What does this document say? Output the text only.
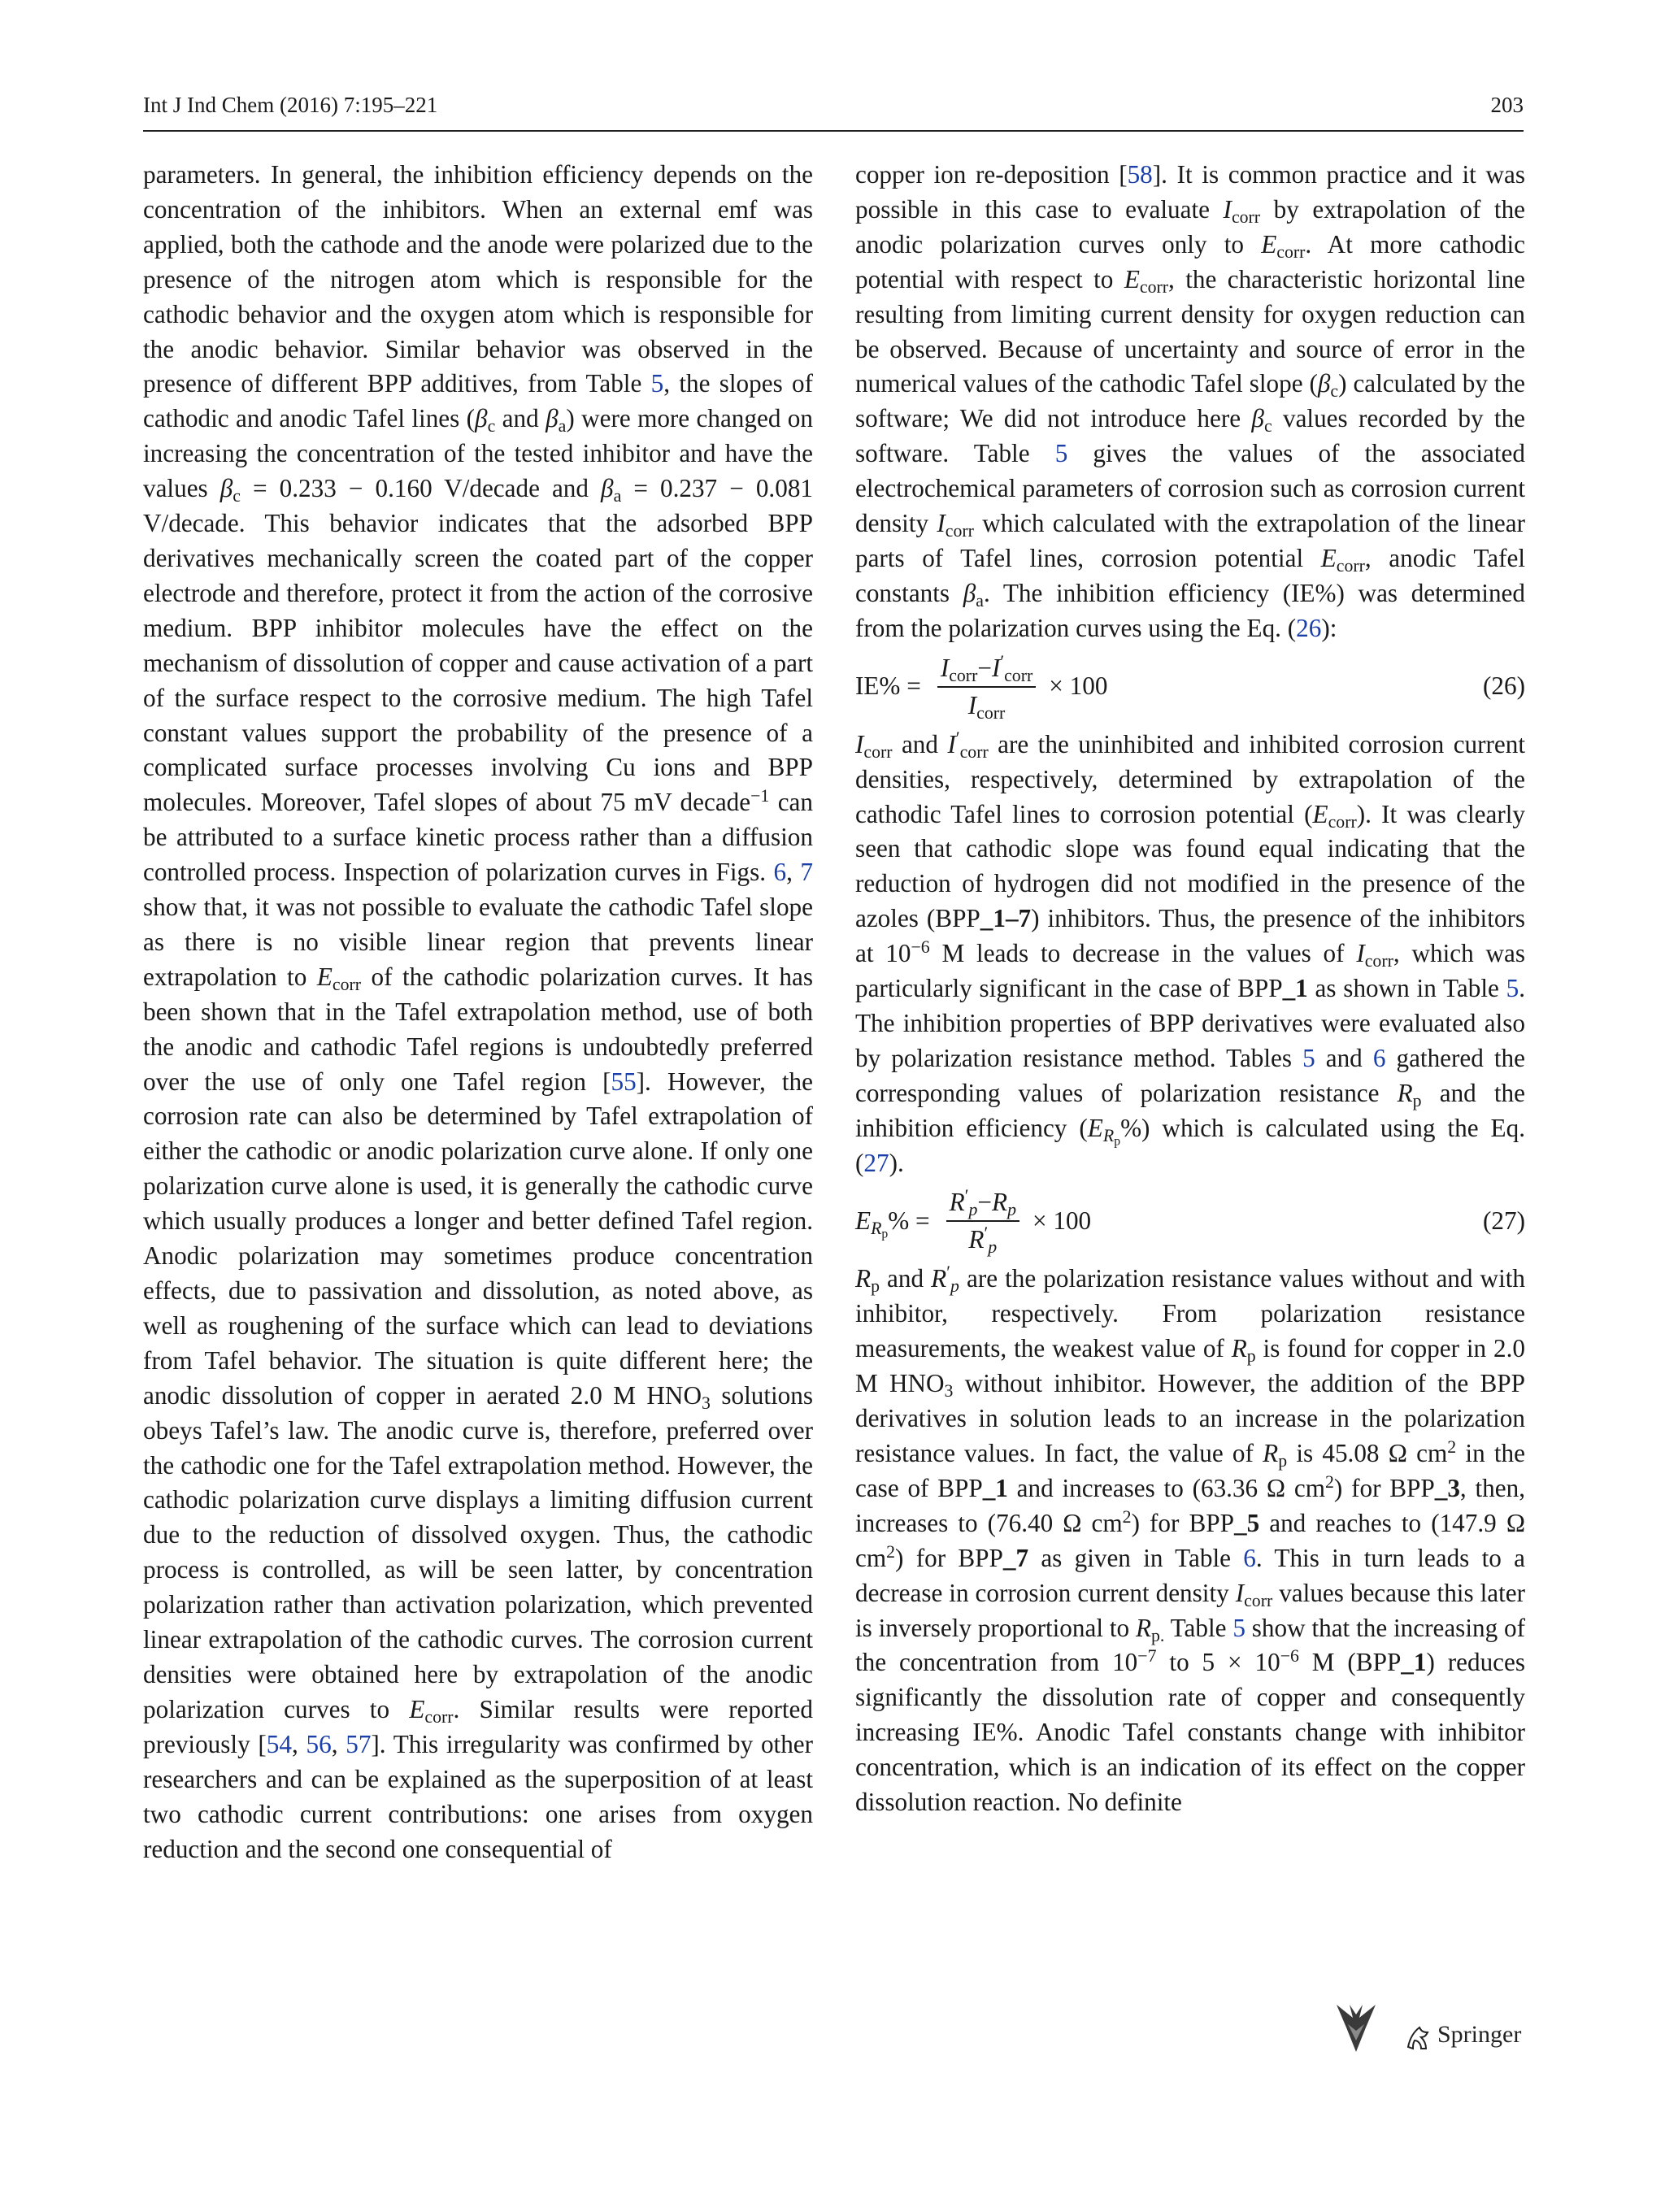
Int J Ind Chem (2016) 7:195–221	203

parameters. In general, the inhibition efficiency depends on the concentration of the inhibitors. When an external emf was applied, both the cathode and the anode were polarized due to the presence of the nitrogen atom which is responsible for the cathodic behavior and the oxygen atom which is responsible for the anodic behavior. Similar behavior was observed in the presence of different BPP additives, from Table 5, the slopes of cathodic and anodic Tafel lines ($\beta_c$ and $\beta_a$) were more changed on increasing the concentration of the tested inhibitor and have the values $\beta_c = 0.233 - 0.160$ V/decade and $\beta_a = 0.237 - 0.081$ V/decade. This behavior indicates that the adsorbed BPP derivatives mechanically screen the coated part of the copper electrode and therefore, protect it from the action of the corrosive medium. BPP inhibitor molecules have the effect on the mechanism of dissolution of copper and cause activation of a part of the surface respect to the corrosive medium. The high Tafel constant values support the probability of the presence of a complicated surface processes involving Cu ions and BPP molecules. Moreover, Tafel slopes of about 75 mV decade$^{-1}$ can be attributed to a surface kinetic process rather than a diffusion controlled process. Inspection of polarization curves in Figs. 6, 7 show that, it was not possible to evaluate the cathodic Tafel slope as there is no visible linear region that prevents linear extrapolation to $E_{corr}$ of the cathodic polarization curves. It has been shown that in the Tafel extrapolation method, use of both the anodic and cathodic Tafel regions is undoubtedly preferred over the use of only one Tafel region [55]. However, the corrosion rate can also be determined by Tafel extrapolation of either the cathodic or anodic polarization curve alone. If only one polarization curve alone is used, it is generally the cathodic curve which usually produces a longer and better defined Tafel region. Anodic polarization may sometimes produce concentration effects, due to passivation and dissolution, as noted above, as well as roughening of the surface which can lead to deviations from Tafel behavior. The situation is quite different here; the anodic dissolution of copper in aerated 2.0 M $HNO_3$ solutions obeys Tafel’s law. The anodic curve is, therefore, preferred over the cathodic one for the Tafel extrapolation method. However, the cathodic polarization curve displays a limiting diffusion current due to the reduction of dissolved oxygen. Thus, the cathodic process is controlled, as will be seen latter, by concentration polarization rather than activation polarization, which prevented linear extrapolation of the cathodic curves. The corrosion current densities were obtained here by extrapolation of the anodic polarization curves to $E_{corr}$. Similar results were reported previously [54, 56, 57]. This irregularity was confirmed by other researchers and can be explained as the superposition of at least two cathodic current contributions: one arises from oxygen reduction and the second one consequential of

copper ion re-deposition [58]. It is common practice and it was possible in this case to evaluate $I_{corr}$ by extrapolation of the anodic polarization curves only to $E_{corr}$. At more cathodic potential with respect to $E_{corr}$, the characteristic horizontal line resulting from limiting current density for oxygen reduction can be observed. Because of uncertainty and source of error in the numerical values of the cathodic Tafel slope $(\beta_c)$ calculated by the software; We did not introduce here $\beta_c$ values recorded by the software. Table 5 gives the values of the associated electrochemical parameters of corrosion such as corrosion current density $I_{corr}$ which calculated with the extrapolation of the linear parts of Tafel lines, corrosion potential $E_{corr}$, anodic Tafel constants $\beta_a$. The inhibition efficiency (IE%) was determined from the polarization curves using the Eq. (26):

$IE\% = \frac{I_{corr}-I'_{corr}}{I_{corr}} \times 100$	(26)

$I_{corr}$ and $I'_{corr}$ are the uninhibited and inhibited corrosion current densities, respectively, determined by extrapolation of the cathodic Tafel lines to corrosion potential $(E_{corr})$. It was clearly seen that cathodic slope was found equal indicating that the reduction of hydrogen did not modified in the presence of the azoles (BPP_1–7) inhibitors. Thus, the presence of the inhibitors at $10^{-6}$ M leads to decrease in the values of $I_{corr}$, which was particularly significant in the case of BPP_1 as shown in Table 5. The inhibition properties of BPP derivatives were evaluated also by polarization resistance method. Tables 5 and 6 gathered the corresponding values of polarization resistance $R_p$ and the inhibition efficiency $(E_{R_p}\%)$ which is calculated using the Eq. (27).

$E_{R_p}\% = \frac{R'_p-R_p}{R'_p} \times 100$	(27)

$R_p$ and $R'_p$ are the polarization resistance values without and with inhibitor, respectively. From polarization resistance measurements, the weakest value of $R_p$ is found for copper in 2.0 M $HNO_3$ without inhibitor. However, the addition of the BPP derivatives in solution leads to an increase in the polarization resistance values. In fact, the value of $R_p$ is 45.08 Ω $cm^2$ in the case of BPP_1 and increases to (63.36 Ω $cm^2$) for BPP_3, then, increases to (76.40 Ω $cm^2$) for BPP_5 and reaches to (147.9 Ω $cm^2$) for BPP_7 as given in Table 6. This in turn leads to a decrease in corrosion current density $I_{corr}$ values because this later is inversely proportional to $R_{p.}$ Table 5 show that the increasing of the concentration from $10^{-7}$ to $5 \times 10^{-6}$ M (BPP_1) reduces significantly the dissolution rate of copper and consequently increasing IE%. Anodic Tafel constants change with inhibitor concentration, which is an indication of its effect on the copper dissolution reaction. No definite

Springer
